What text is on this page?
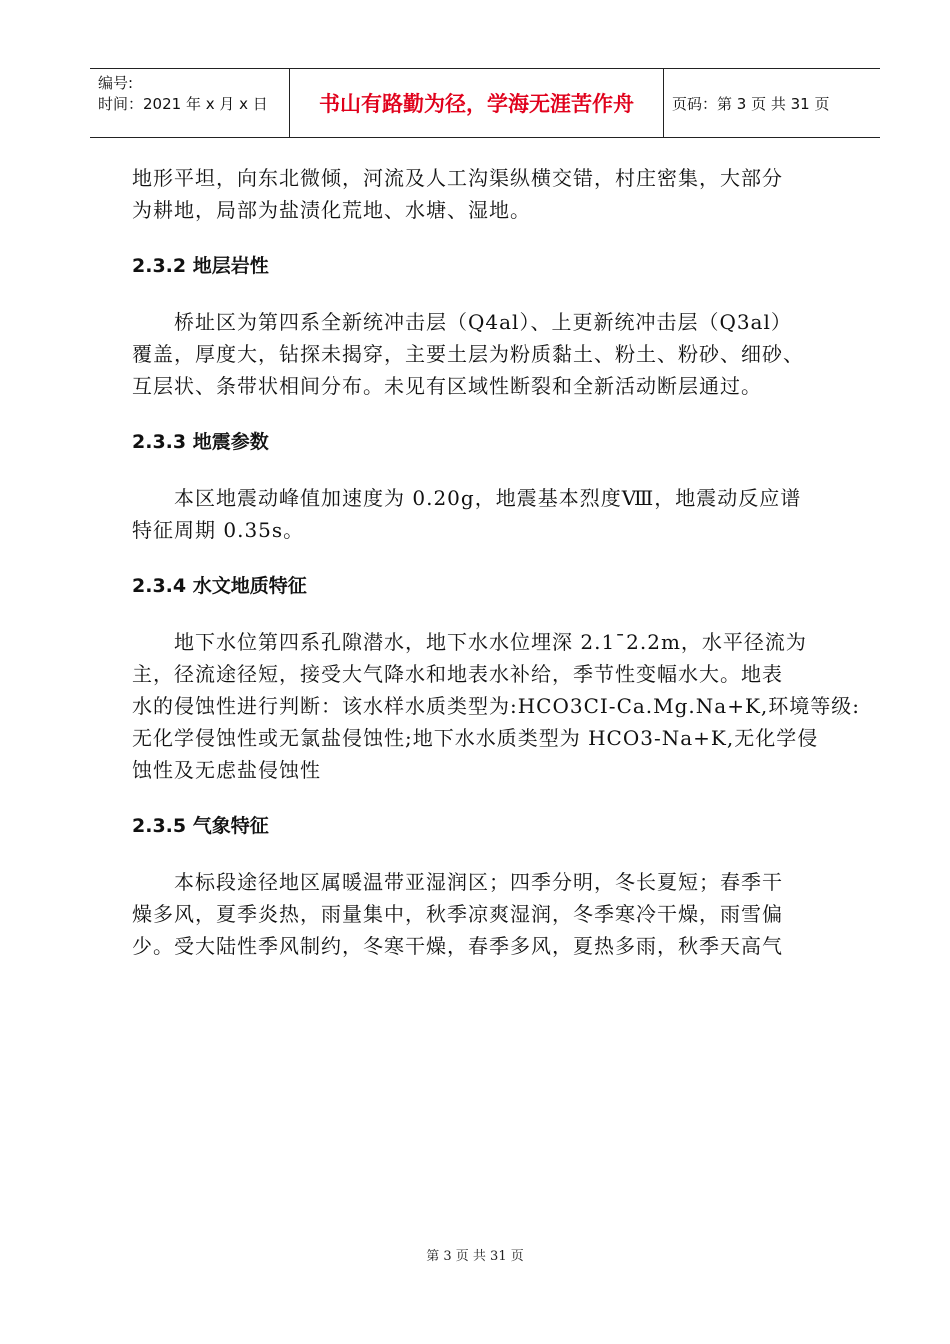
编号:
时间：2021 年 x 月 x 日	书山有路勤为径，学海无涯苦作舟	页码：第 3 页 共 31 页
地形平坦，向东北微倾，河流及人工沟渠纵横交错，村庄密集，大部分
为耕地，局部为盐渍化荒地、水塘、湿地。
2.3.2 地层岩性
　　桥址区为第四系全新统冲击层（Q4al）、上更新统冲击层（Q3al）
覆盖，厚度大，钻探未揭穿，主要土层为粉质黏土、粉土、粉砂、细砂、
互层状、条带状相间分布。未见有区域性断裂和全新活动断层通过。
2.3.3 地震参数
　　本区地震动峰值加速度为 0.20g，地震基本烈度Ⅷ，地震动反应谱
特征周期 0.35s。
2.3.4 水文地质特征
　　地下水位第四系孔隙潜水，地下水水位埋深 2.1¯2.2m，水平径流为
主，径流途径短，接受大气降水和地表水补给，季节性变幅水大。地表
水的侵蚀性进行判断：该水样水质类型为:HCO3CI-Ca.Mg.Na+K,环境等级:
无化学侵蚀性或无氯盐侵蚀性;地下水水质类型为 HCO3-Na+K,无化学侵
蚀性及无虑盐侵蚀性
2.3.5 气象特征
　　本标段途径地区属暖温带亚湿润区；四季分明，冬长夏短；春季干
燥多风，夏季炎热，雨量集中，秋季凉爽湿润，冬季寒冷干燥，雨雪偏
少。受大陆性季风制约，冬寒干燥，春季多风，夏热多雨，秋季天高气
第 3 页 共 31 页
